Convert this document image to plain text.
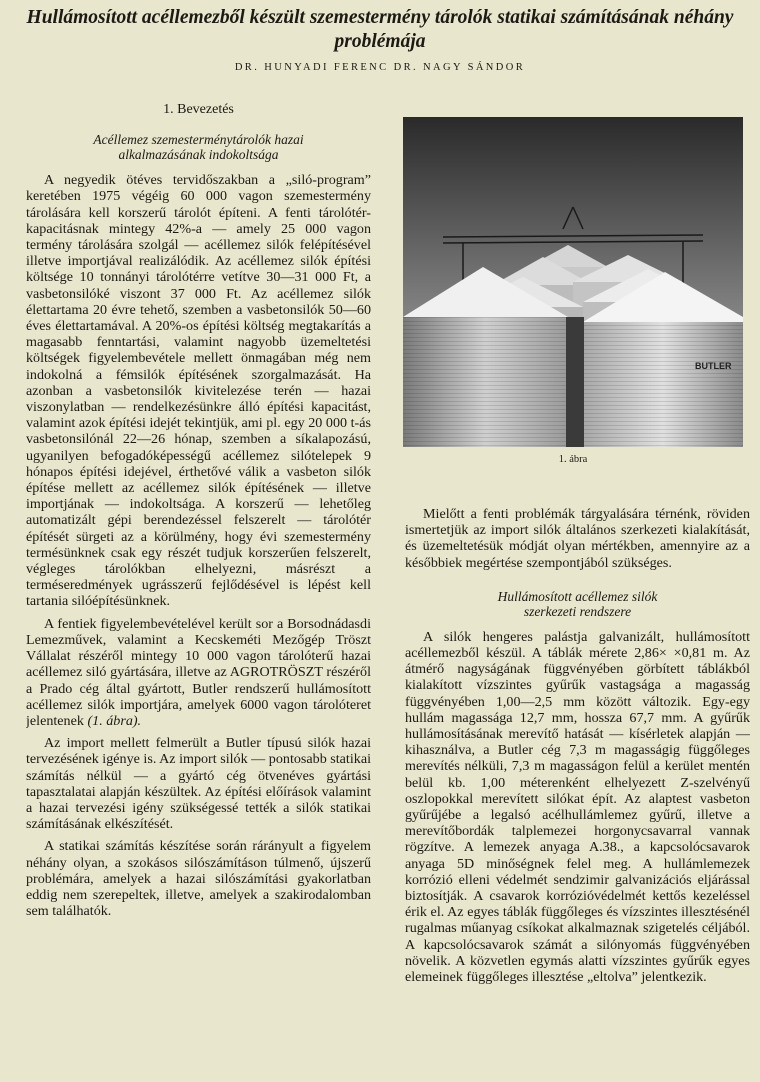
Hullámosított acéllemezből készült szemestermény tárolók statikai számításának néhány problémája
DR. HUNYADI FERENC DR. NAGY SÁNDOR
1. Bevezetés
Acéllemez szemesterménytárolók hazai
alkalmazásának indokoltsága

A negyedik ötéves tervidőszakban a „siló-program” keretében 1975 végéig 60 000 vagon szemestermény tárolására kell korszerű tárolót építeni. A fenti tárolótér-kapacitásnak mintegy 42%-a — amely 25 000 vagon termény tárolására szolgál — acéllemez silók felépítésével illetve importjával realizálódik. Az acéllemez silók építési költsége 10 tonnányi tárolótérre vetítve 30—31 000 Ft, a vasbetonsilóké viszont 37 000 Ft. Az acéllemez silók élettartama 20 évre tehető, szemben a vasbetonsilók 50—60 éves élettartamával. A 20%-os építési költség megtakarítás a magasabb fenntartási, valamint nagyobb üzemeltetési költségek figyelembevétele mellett önmagában még nem indokolná a fémsilók építésének szorgalmazását. Ha azonban a vasbetonsilók kivitelezése terén — hazai viszonylatban — rendelkezésünkre álló építési kapacitást, valamint azok építési idejét tekintjük, ami pl. egy 20 000 t-ás vasbetonsilónál 22—26 hónap, szemben a síkalapozású, ugyanilyen befogadóképességű acéllemez silótelepek 9 hónapos építési idejével, érthetővé válik a vasbeton silók építése mellett az acéllemez silók építésének — illetve importjának — indokoltsága. A korszerű — lehetőleg automatizált gépi berendezéssel felszerelt — tárolótér építését sürgeti az a körülmény, hogy évi szemestermény termésünknek csak egy részét tudjuk korszerűen felszerelt, végleges tárolókban elhelyezni, másrészt a terméseredmények ugrásszerű fejlődésével is lépést kell tartania silóépítésünknek.

A fentiek figyelembevételével került sor a Borsodnádasdi Lemezművek, valamint a Kecskeméti Mezőgép Tröszt Vállalat részéről mintegy 10 000 vagon tárolóterű hazai acéllemez siló gyártására, illetve az AGROTRÖSZT részéről a Prado cég által gyártott, Butler rendszerű hullámosított acéllemez silók importjára, amelyek 6000 vagon tárolóteret jelentenek (1. ábra).

Az import mellett felmerült a Butler típusú silók hazai tervezésének igénye is. Az import silók — pontosabb statikai számítás nélkül — a gyártó cég ötvenéves gyártási tapasztalatai alapján készültek. Az építési előírások valamint a hazai tervezési igény szükségessé tették a silók statikai számításának elkészítését.

A statikai számítás készítése során rárányult a figyelem néhány olyan, a szokásos silószámításon túlmenő, újszerű problémára, amelyek a hazai silószámítási gyakorlatban eddig nem szerepeltek, illetve, amelyek a szakirodalomban sem találhatók.

BUTLER
1. ábra

Mielőtt a fenti problémák tárgyalására térnénk, röviden ismertetjük az import silók általános szerkezeti kialakítását, és üzemeltetésük módját olyan mértékben, amennyire az a későbbiek megértése szempontjából szükséges.

Hullámosított acéllemez silók
szerkezeti rendszere

A silók hengeres palástja galvanizált, hullámosított acéllemezből készül. A táblák mérete 2,86× ×0,81 m. Az átmérő nagyságának függvényében görbített táblákból kialakított vízszintes gyűrűk vastagsága a magasság függvényében 1,00—2,5 mm között változik. Egy-egy hullám magassága 12,7 mm, hossza 67,7 mm. A gyűrűk hullámosításának merevítő hatását — kísérletek alapján — kihasználva, a Butler cég 7,3 m magasságig függőleges merevítés nélküli, 7,3 m magasságon felül a kerület mentén belül kb. 1,00 méterenként elhelyezett Z-szelvényű oszlopokkal merevített silókat épít. Az alaptest vasbeton gyűrűjébe a legalsó acélhullámlemez gyűrű, illetve a merevítőbordák talplemezei horgonycsavarral vannak rögzítve. A lemezek anyaga A.38., a kapcsolócsavarok anyaga 5D minőségnek felel meg. A hullámlemezek korrózió elleni védelmét sendzimir galvanizációs eljárással biztosítják. A csavarok korrózióvédelmét kettős kezeléssel érik el. Az egyes táblák függőleges és vízszintes illesztésénél rugalmas műanyag csíkokat alkalmaznak szigetelés céljából. A kapcsolócsavarok számát a silónyomás függvényében növelik. A közvetlen egymás alatti vízszintes gyűrűk egyes elemeinek függőleges illesztése „eltolva” jelentkezik.
